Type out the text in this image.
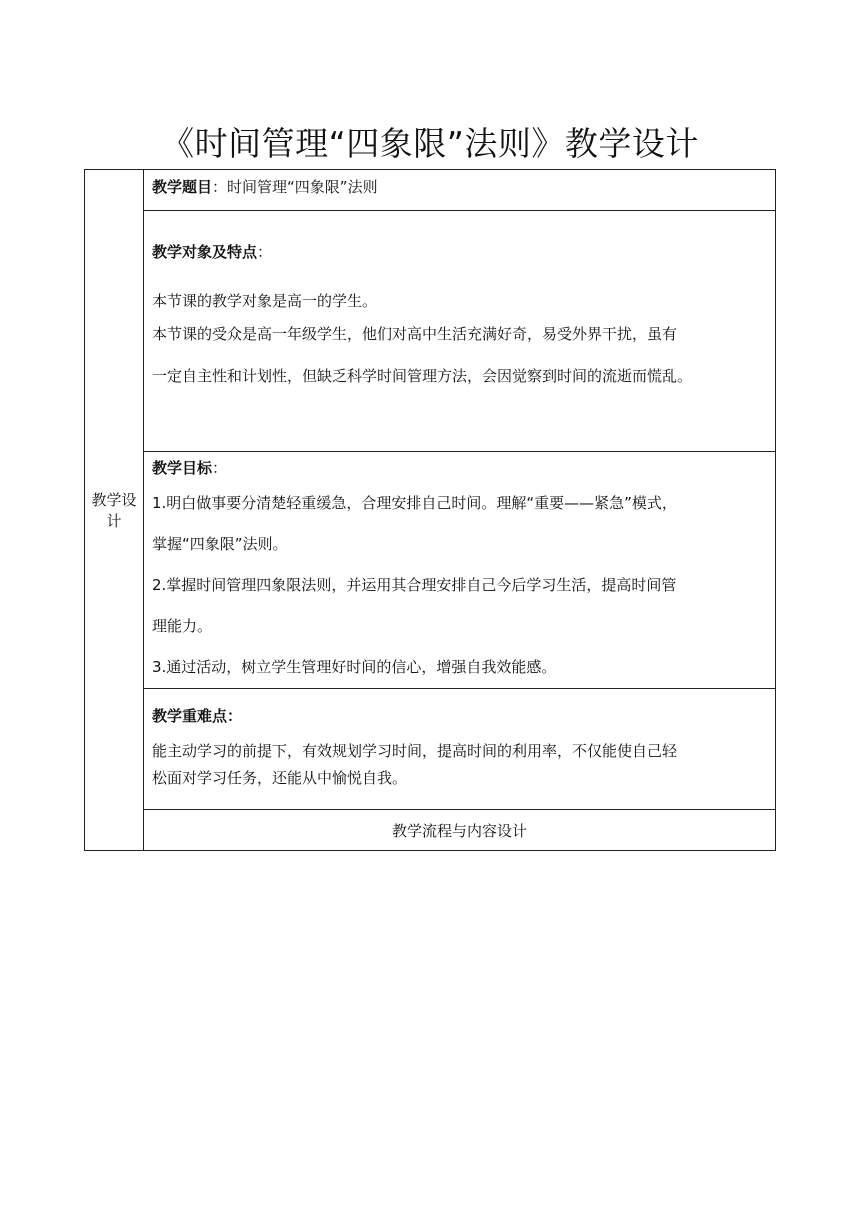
《时间管理“四象限”法则》教学设计
教学设计	
教学题目：时间管理“四象限”法则

教学对象及特点：

本节课的教学对象是高一的学生。

本节课的受众是高一年级学生，他们对高中生活充满好奇，易受外界干扰，虽有

一定自主性和计划性，但缺乏科学时间管理方法，会因觉察到时间的流逝而慌乱。

教学目标：

1.明白做事要分清楚轻重缓急，合理安排自己时间。理解“重要——紧急”模式，

掌握“四象限”法则。

2.掌握时间管理四象限法则，并运用其合理安排自己今后学习生活，提高时间管

理能力。

3.通过活动，树立学生管理好时间的信心，增强自我效能感。

教学重难点：
能主动学习的前提下，有效规划学习时间，提高时间的利用率，不仅能使自己轻
松面对学习任务，还能从中愉悦自我。

教学流程与内容设计
